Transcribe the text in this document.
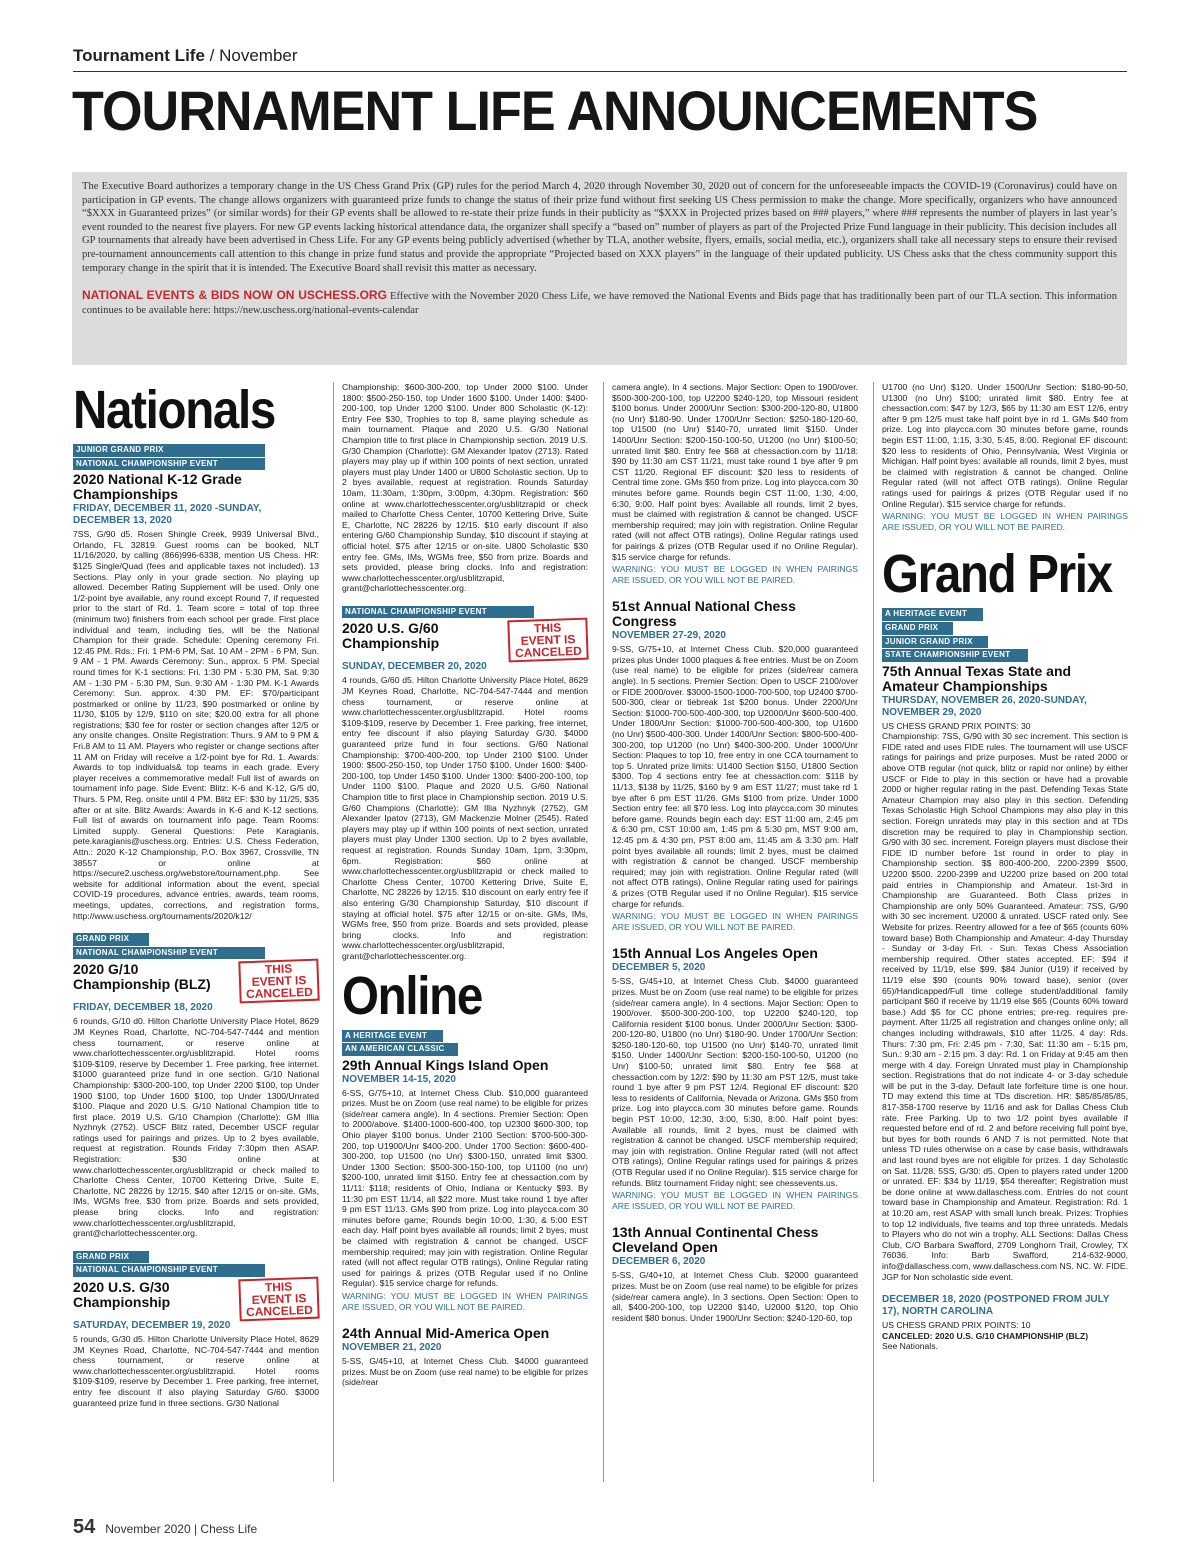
Tournament Life / November
TOURNAMENT LIFE ANNOUNCEMENTS

The Executive Board authorizes a temporary change in the US Chess Grand Prix (GP) rules for the period March 4, 2020 through November 30, 2020 out of concern for the unforeseeable impacts the COVID-19 (Coronavirus) could have on participation in GP events. The change allows organizers with guaranteed prize funds to change the status of their prize fund without first seeking US Chess permission to make the change. More specifically, organizers who have announced “$XXX in Guaranteed prizes” (or similar words) for their GP events shall be allowed to re-state their prize funds in their publicity as “$XXX in Projected prizes based on ### players,” where ### represents the number of players in last year’s event rounded to the nearest five players. For new GP events lacking historical attendance data, the organizer shall specify a “based on” number of players as part of the Projected Prize Fund language in their publicity. This decision includes all GP tournaments that already have been advertised in Chess Life. For any GP events being publicly advertised (whether by TLA, another website, flyers, emails, social media, etc.), organizers shall take all necessary steps to ensure their revised pre-tournament announcements call attention to this change in prize fund status and provide the appropriate “Projected based on XXX players” in the language of their updated publicity. US Chess asks that the chess community support this temporary change in the spirit that it is intended. The Executive Board shall revisit this matter as necessary.

NATIONAL EVENTS & BIDS NOW ON USCHESS.ORG Effective with the November 2020 Chess Life, we have removed the National Events and Bids page that has traditionally been part of our TLA section. This information continues to be available here: https://new.uschess.org/national-events-calendar

Nationals
JUNIOR GRAND PRIX
NATIONAL CHAMPIONSHIP EVENT
2020 National K-12 Grade Championships
FRIDAY, DECEMBER 11, 2020 -SUNDAY, DECEMBER 13, 2020

7SS, G/90 d5. Rosen Shingle Creek, 9939 Universal Blvd., Orlando, FL 32819. Guest rooms can be booked, NLT 11/16/2020, by calling (866)996-6338, mention US Chess. HR: $125 Single/Quad (fees and applicable taxes not included). 13 Sections. Play only in your grade section. No playing up allowed. December Rating Supplement will be used. Only one 1/2-point bye available, any round except Round 7, if requested prior to the start of Rd. 1. Team score = total of top three (minimum two) finishers from each school per grade. First place individual and team, including ties, will be the National Champion for their grade. Schedule: Opening ceremony Fri. 12:45 PM. Rds.: Fri. 1 PM-6 PM, Sat. 10 AM - 2PM - 6 PM, Sun. 9 AM - 1 PM. Awards Ceremony: Sun., approx. 5 PM. Special round times for K-1 sections: Fri. 1:30 PM - 5:30 PM, Sat. 9:30 AM - 1:30 PM - 5:30 PM, Sun. 9:30 AM - 1:30 PM. K-1 Awards Ceremony: Sun. approx. 4:30 PM. EF: $70/participant postmarked or online by 11/23, $90 postmarked or online by 11/30, $105 by 12/9, $110 on site; $20.00 extra for all phone registrations; $30 fee for roster or section changes after 12/5 or any onsite changes. Onsite Registration: Thurs. 9 AM to 9 PM & Fri.8 AM to 11 AM. Players who register or change sections after 11 AM on Friday will receive a 1/2-point bye for Rd. 1. Awards: Awards to top individuals& top teams in each grade. Every player receives a commemorative medal! Full list of awards on tournament info page. Side Event: Blitz: K-6 and K-12, G/5 d0, Thurs. 5 PM, Reg. onsite until 4 PM. Blitz EF: $30 by 11/25, $35 after or at site. Blitz Awards: Awards in K-6 and K-12 sections. Full list of awards on tournament info page. Team Rooms: Limited supply. General Questions: Pete Karagianis, pete.karagianis@uschess.org. Entries: U.S. Chess Federation, Attn.: 2020 K-12 Championship, P.O. Box 3967, Crossville, TN 38557 or online at https://secure2.uschess.org/webstore/tournament.php. See website for additional information about the event, special COVID-19 procedures, advance entries, awards, team rooms, meetings, updates, corrections, and registration forms, http://www.uschess.org/tournaments/2020/k12/

GRAND PRIX
NATIONAL CHAMPIONSHIP EVENT
2020 G/10 Championship (BLZ)
THIS EVENT IS CANCELED
FRIDAY, DECEMBER 18, 2020

6 rounds, G/10 d0. Hilton Charlotte University Place Hotel, 8629 JM Keynes Road, Charlotte, NC-704-547-7444 and mention chess tournament, or reserve online at www.charlottechesscenter.org/usblitzrapid. Hotel rooms $109-$109, reserve by December 1. Free parking, free internet. $1000 guaranteed prize fund in one section. G/10 National Championship: $300-200-100, top Under 2200 $100, top Under 1900 $100, top Under 1600 $100, top Under 1300/Unrated $100. Plaque and 2020 U.S. G/10 National Champion title to first place. 2019 U.S. G/10 Champion (Charlotte): GM Illia Nyzhnyk (2752). USCF Blitz rated, December USCF regular ratings used for pairings and prizes. Up to 2 byes available, request at registration. Rounds Friday 7:30pm then ASAP. Registration: $30 online at www.charlottechesscenter.org/usblitzrapid or check mailed to Charlotte Chess Center, 10700 Kettering Drive, Suite E, Charlotte, NC 28226 by 12/15. $40 after 12/15 or on-site. GMs, IMs, WGMs free. $30 from prize. Boards and sets provided, please bring clocks. Info and registration: www.charlottechesscenter.org/usblitzrapid, grant@charlottechesscenter.org.

GRAND PRIX
NATIONAL CHAMPIONSHIP EVENT
2020 U.S. G/30 Championship
THIS EVENT IS CANCELED
SATURDAY, DECEMBER 19, 2020

5 rounds, G/30 d5. Hilton Charlotte University Place Hotel, 8629 JM Keynes Road, Charlotte, NC-704-547-7444 and mention chess tournament, or reserve online at www.charlottechesscenter.org/usblitzrapid. Hotel rooms $109-$109, reserve by December 1. Free parking, free internet, entry fee discount if also playing Saturday G/60. $3000 guaranteed prize fund in three sections. G/30 National

Championship: $600-300-200, top Under 2000 $100. Under 1800: $500-250-150, top Under 1600 $100. Under 1400: $400-200-100, top Under 1200 $100. Under 800 Scholastic (K-12): Entry Fee $30, Trophies to top 8, same playing schedule as main tournament. Plaque and 2020 U.S. G/30 National Champion title to first place in Championship section. 2019 U.S. G/30 Champion (Charlotte): GM Alexander Ipatov (2713). Rated players may play up if within 100 points of next section, unrated players must play Under 1400 or U800 Scholastic section. Up to 2 byes available, request at registration. Rounds Saturday 10am, 11:30am, 1:30pm, 3:00pm, 4:30pm. Registration: $60 online at www.charlottechesscenter.org/usblitzrapid or check mailed to Charlotte Chess Center, 10700 Kettering Drive, Suite E, Charlotte, NC 28226 by 12/15. $10 early discount if also entering G/60 Championship Sunday, $10 discount if staying at official hotel. $75 after 12/15 or on-site. U800 Scholastic $30 entry fee. GMs, IMs, WGMs free, $50 from prize. Boards and sets provided, please bring clocks. Info and registration: www.charlottechesscenter.org/usblitzrapid, grant@charlottechesscenter.org.

NATIONAL CHAMPIONSHIP EVENT
2020 U.S. G/60 Championship
THIS EVENT IS CANCELED
SUNDAY, DECEMBER 20, 2020

4 rounds, G/60 d5. Hilton Charlotte University Place Hotel, 8629 JM Keynes Road, Charlotte, NC-704-547-7444 and mention chess tournament, or reserve online at www.charlottechesscenter.org/usblitzrapid. Hotel rooms $109-$109, reserve by December 1. Free parking, free internet, entry fee discount if also playing Saturday G/30. $4000 guaranteed prize fund in four sections. G/60 National Championship: $700-400-200, top Under 2100 $100. Under 1900: $500-250-150, top Under 1750 $100. Under 1600: $400-200-100, top Under 1450 $100. Under 1300: $400-200-100, top Under 1100 $100. Plaque and 2020 U.S. G/60 National Champion title to first place in Championship section. 2019 U.S. G/60 Champions (Charlotte): GM Illia Nyzhnyk (2752), GM Alexander Ipatov (2713), GM Mackenzie Molner (2545). Rated players may play up if within 100 points of next section, unrated players must play Under 1300 section. Up to 2 byes available, request at registration. Rounds Sunday 10am, 1pm, 3:30pm, 6pm. Registration: $60 online at www.charlottechesscenter.org/usblitzrapid or check mailed to Charlotte Chess Center, 10700 Kettering Drive, Suite E, Charlotte, NC 28226 by 12/15. $10 discount on early entry fee if also entering G/30 Championship Saturday, $10 discount if staying at official hotel. $75 after 12/15 or on-site. GMs, IMs, WGMs free, $50 from prize. Boards and sets provided, please bring clocks. Info and registration: www.charlottechesscenter.org/usblitzrapid, grant@charlottechesscenter.org.

Online
A HERITAGE EVENT
AN AMERICAN CLASSIC
29th Annual Kings Island Open
NOVEMBER 14-15, 2020

6-SS, G/75+10, at Internet Chess Club. $10,000 guaranteed prizes. Must be on Zoom (use real name) to be eligible for prizes (side/rear camera angle). In 4 sections. Premier Section: Open to 2000/above. $1400-1000-600-400, top U2300 $600-300, top Ohio player $100 bonus. Under 2100 Section: $700-500-300-200, top U1900/Unr $400-200. Under 1700 Section: $600-400-300-200, top U1500 (no Unr) $300-150, unrated limit $300. Under 1300 Section: $500-300-150-100, top U1100 (no unr) $200-100, unrated limit $150. Entry fee at chessaction.com by 11/11: $118; residents of Ohio, Indiana or Kentucky $93. By 11:30 pm EST 11/14, all $22 more. Must take round 1 bye after 9 pm EST 11/13. GMs $90 from prize. Log into playcca.com 30 minutes before game; Rounds begin 10:00, 1:30, & 5:00 EST each day. Half point byes available all rounds; limit 2 byes, must be claimed with registration & cannot be changed. USCF membership required; may join with registration. Online Regular rated (will not affect regular OTB ratings), Online Regular rating used for pairings & prizes (OTB Regular used if no Online Regular). $15 service charge for refunds.

WARNING: YOU MUST BE LOGGED IN WHEN PAIRINGS ARE ISSUED, OR YOU WILL NOT BE PAIRED.

24th Annual Mid-America Open
NOVEMBER 21, 2020

5-SS, G/45+10, at Internet Chess Club. $4000 guaranteed prizes. Must be on Zoom (use real name) to be eligible for prizes (side/rear

camera angle). In 4 sections. Major Section: Open to 1900/over. $500-300-200-100, top U2200 $240-120, top Missouri resident $100 bonus. Under 2000/Unr Section: $300-200-120-80, U1800 (no Unr) $180-90. Under 1700/Unr Section: $250-180-120-60, top U1500 (no Unr) $140-70, unrated limit $150. Under 1400/Unr Section: $200-150-100-50, U1200 (no Unr) $100-50; unrated limit $80. Entry fee $68 at chessaction.com by 11/18: $90 by 11:30 am CST 11/21, must take round 1 bye after 9 pm CST 11/20. Regional EF discount: $20 less to residents of Central time zone. GMs $50 from prize. Log into playcca.com 30 minutes before game. Rounds begin CST 11:00, 1:30, 4:00, 6:30, 9:00. Half point byes: Available all rounds, limit 2 byes, must be claimed with registration & cannot be changed. USCF membership required; may join with registration. Online Regular rated (will not affect OTB ratings), Online Regular ratings used for pairings & prizes (OTB Regular used if no Online Regular). $15 service charge for refunds.

WARNING: YOU MUST BE LOGGED IN WHEN PAIRINGS ARE ISSUED, OR YOU WILL NOT BE PAIRED.

51st Annual National Chess Congress
NOVEMBER 27-29, 2020

9-SS, G/75+10, at Internet Chess Club. $20,000 guaranteed prizes plus Under 1000 plaques & free entries. Must be on Zoom (use real name) to be eligible for prizes (side/rear camera angle). In 5 sections. Premier Section: Open to USCF 2100/over or FIDE 2000/over. $3000-1500-1000-700-500, top U2400 $700-500-300, clear or tiebreak 1st $200 bonus. Under 2200/Unr Section: $1000-700-500-400-300, top U2000/Unr $600-500-400. Under 1800/Unr Section: $1000-700-500-400-300, top U1600 (no Unr) $500-400-300. Under 1400/Unr Section: $800-500-400-300-200, top U1200 (no Unr) $400-300-200. Under 1000/Unr Section: Plaques to top 10, free entry in one CCA tournament to top 5. Unrated prize limits: U1400 Section $150, U1800 Section $300. Top 4 sections entry fee at chessaction.com: $118 by 11/13, $138 by 11/25, $160 by 9 am EST 11/27; must take rd 1 bye after 6 pm EST 11/26. GMs $100 from prize. Under 1000 Section entry fee: all $70 less. Log into playcca.com 30 minutes before game. Rounds begin each day: EST 11:00 am, 2:45 pm & 6:30 pm, CST 10:00 am, 1:45 pm & 5:30 pm, MST 9:00 am, 12:45 pm & 4:30 pm, PST 8:00 am, 11:45 am & 3:30 pm. Half point byes available all rounds; limit 2 byes, must be claimed with registration & cannot be changed. USCF membership required; may join with registration. Online Regular rated (will not affect OTB ratings), Online Regular rating used for pairings & prizes (OTB Regular used if no Online Regular). $15 service charge for refunds.

WARNING: YOU MUST BE LOGGED IN WHEN PAIRINGS ARE ISSUED, OR YOU WILL NOT BE PAIRED.

15th Annual Los Angeles Open
DECEMBER 5, 2020

5-SS, G/45+10, at Internet Chess Club. $4000 guaranteed prizes. Must be on Zoom (use real name) to be eligible for prizes (side/rear camera angle). In 4 sections. Major Section: Open to 1900/over. $500-300-200-100, top U2200 $240-120, top California resident $100 bonus. Under 2000/Unr Section: $300-200-120-80, U1800 (no Unr) $180-90. Under 1700/Unr Section: $250-180-120-60, top U1500 (no Unr) $140-70, unrated limit $150. Under 1400/Unr Section: $200-150-100-50, U1200 (no Unr) $100-50; unrated limit $80. Entry fee $68 at chessaction.com by 12/2: $90 by 11:30 am PST 12/5, must take round 1 bye after 9 pm PST 12/4. Regional EF discount: $20 less to residents of California, Nevada or Arizona. GMs $50 from prize. Log into playcca.com 30 minutes before game. Rounds begin PST 10:00, 12:30, 3:00, 5:30, 8:00. Half point byes: Available all rounds, limit 2 byes, must be claimed with registration & cannot be changed. USCF membership required; may join with registration. Online Regular rated (will not affect OTB ratings), Online Regular ratings used for pairings & prizes (OTB Regular used if no Online Regular). $15 service charge for refunds. Blitz tournament Friday night; see chessevents.us.

WARNING: YOU MUST BE LOGGED IN WHEN PAIRINGS ARE ISSUED, OR YOU WILL NOT BE PAIRED.

13th Annual Continental Chess Cleveland Open
DECEMBER 6, 2020

5-SS, G/40+10, at Internet Chess Club. $2000 guaranteed prizes. Must be on Zoom (use real name) to be eligible for prizes (side/rear camera angle). In 3 sections. Open Section: Open to all, $400-200-100, top U2200 $140, U2000 $120, top Ohio resident $80 bonus. Under 1900/Unr Section: $240-120-60, top

U1700 (no Unr) $120. Under 1500/Unr Section: $180-90-50, U1300 (no Unr) $100; unrated limit $80. Entry fee at chessaction.com: $47 by 12/3, $65 by 11:30 am EST 12/6, entry after 9 pm 12/5 must take half point bye in rd 1. GMs $40 from prize. Log into playcca.com 30 minutes before game, rounds begin EST 11:00, 1:15, 3:30, 5:45, 8:00. Regional EF discount: $20 less to residents of Ohio, Pennsylvania, West Virginia or Michigan. Half point byes: available all rounds, limit 2 byes, must be claimed with registration & cannot be changed. Online Regular rated (will not affect OTB ratings). Online Regular ratings used for pairings & prizes (OTB Regular used if no Online Regular). $15 service charge for refunds.

WARNING: YOU MUST BE LOGGED IN WHEN PAIRINGS ARE ISSUED, OR YOU WILL NOT BE PAIRED.

Grand Prix
A HERITAGE EVENT
GRAND PRIX
JUNIOR GRAND PRIX
STATE CHAMPIONSHIP EVENT
75th Annual Texas State and Amateur Championships
THURSDAY, NOVEMBER 26, 2020-SUNDAY, NOVEMBER 29, 2020
US CHESS GRAND PRIX POINTS: 30

Championship: 7SS, G/90 with 30 sec increment. This section is FIDE rated and uses FIDE rules. The tournament will use USCF ratings for pairings and prize purposes. Must be rated 2000 or above OTB regular (not quick, blitz or rapid nor online) by either USCF or Fide to play in this section or have had a provable 2000 or higher regular rating in the past. Defending Texas State Amateur Champion may also play in this section. Defending Texas Scholastic High School Champions may also play in this section. Foreign unrateds may play in this section and at TDs discretion may be required to play in Championship section. G/90 with 30 sec. increment. Foreign players must disclose their FIDE ID number before 1st round in order to play in Championship section. $$ 800-400-200, 2200-2399 $500, U2200 $500. 2200-2399 and U2200 prize based on 200 total paid entries in Championship and Amateur. 1st-3rd in Championship are Guaranteed. Both Class prizes in Championship are only 50% Guaranteed. Amateur: 7SS, G/90 with 30 sec increment. U2000 & unrated. USCF rated only. See Website for prizes. Reentry allowed for a fee of $65 (counts 60% toward base) Both Championship and Amateur: 4-day Thursday - Sunday or 3-day Fri. - Sun. Texas Chess Association membership required. Other states accepted. EF: $94 if received by 11/19, else $99. $84 Junior (U19) if received by 11/19 else $90 (counts 90% toward base), senior (over 65)/Handicapped/Full time college student/additional family participant $60 if receive by 11/19 else $65 (Counts 60% toward base.) Add $5 for CC phone entries; pre-reg. requires pre-payment. After 11/25 all registration and changes online only; all changes including withdrawals, $10 after 11/25. 4 day: Rds. Thurs: 7:30 pm, Fri: 2:45 pm - 7:30, Sat: 11:30 am - 5:15 pm, Sun.: 9:30 am - 2:15 pm. 3 day: Rd. 1 on Friday at 9:45 am then merge with 4 day. Foreign Unrated must play in Championship section. Registrations that do not indicate 4- or 3-day schedule will be put in the 3-day. Default late forfeiture time is one hour. TD may extend this time at TDs discretion. HR: $85/85/85/85, 817-358-1700 reserve by 11/16 and ask for Dallas Chess Club rate. Free Parking. Up to two 1/2 point byes available if requested before end of rd. 2 and before receiving full point bye, but byes for both rounds 6 AND 7 is not permitted. Note that unless TD rules otherwise on a case by case basis, withdrawals and last round byes are not eligible for prizes. 1 day Scholastic on Sat. 11/28. 5SS, G/30: d5. Open to players rated under 1200 or unrated. EF: $34 by 11/19, $54 thereafter; Registration must be done online at www.dallaschess.com. Entries do not count toward base in Championship and Amateur. Registration: Rd. 1 at 10:20 am, rest ASAP with small lunch break. Prizes: Trophies to top 12 individuals, five teams and top three unrateds. Medals to Players who do not win a trophy. ALL Sections: Dallas Chess Club, C/O Barbara Swafford, 2709 Longhorn Trail, Crowley, TX 76036. Info: Barb Swafford, 214-632-9000, info@dallaschess.com, www.dallaschess.com NS. NC. W. FIDE. JGP for Non scholastic side event.

DECEMBER 18, 2020 (POSTPONED FROM JULY 17), NORTH CAROLINA
US CHESS GRAND PRIX POINTS: 10
CANCELED: 2020 U.S. G/10 CHAMPIONSHIP (BLZ)
See Nationals.
54 November 2020 | Chess Life
